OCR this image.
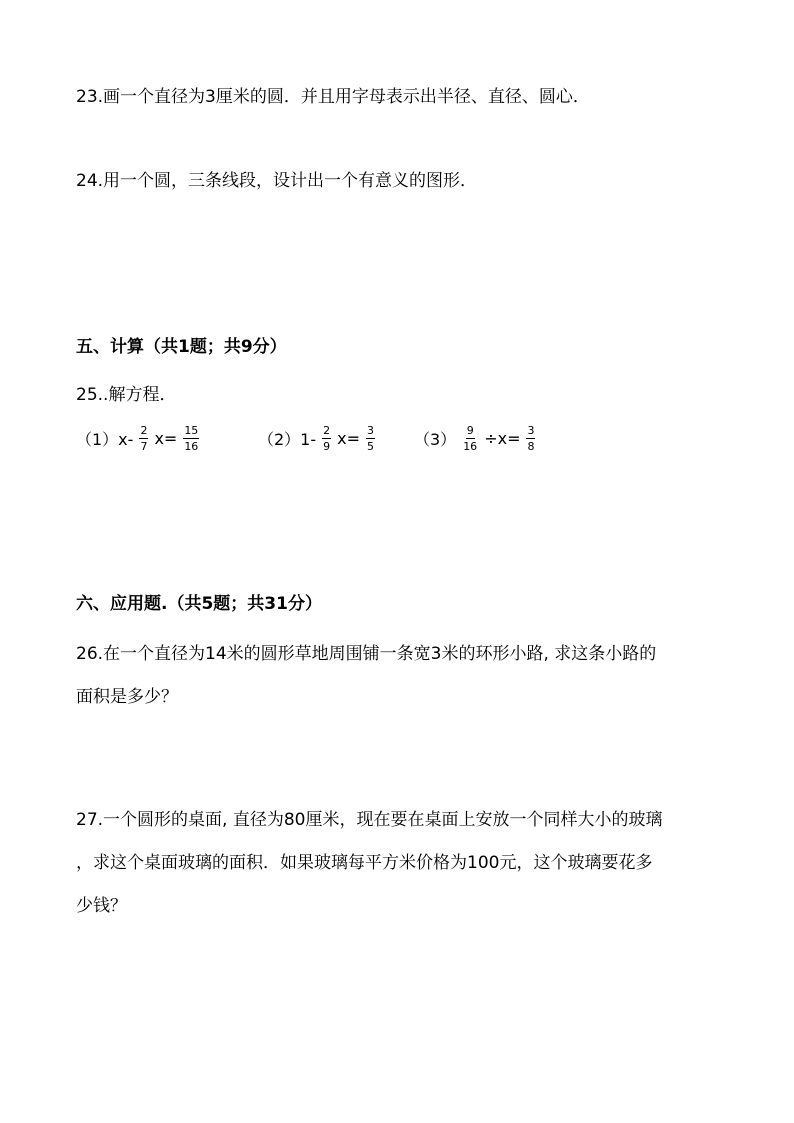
23.画一个直径为3厘米的圆．并且用字母表示出半径、直径、圆心．
24.用一个圆，三条线段，设计出一个有意义的图形．
五、计算（共1题；共9分）
25..解方程．
$(1)x- \frac{2}{7} x= \frac{15}{16}$	$(2)1- \frac{2}{9} x= \frac{3}{5} (3) \frac{9}{16} \div x= \frac{3}{8}$
六、应用题.（共5题；共31分）
26.在一个直径为14米的圆形草地周围铺一条宽3米的环形小路, 求这条小路的
面积是多少？
27.一个圆形的桌面, 直径为80厘米，现在要在桌面上安放一个同样大小的玻璃
，求这个桌面玻璃的面积．如果玻璃每平方米价格为100元，这个玻璃要花多
少钱？
